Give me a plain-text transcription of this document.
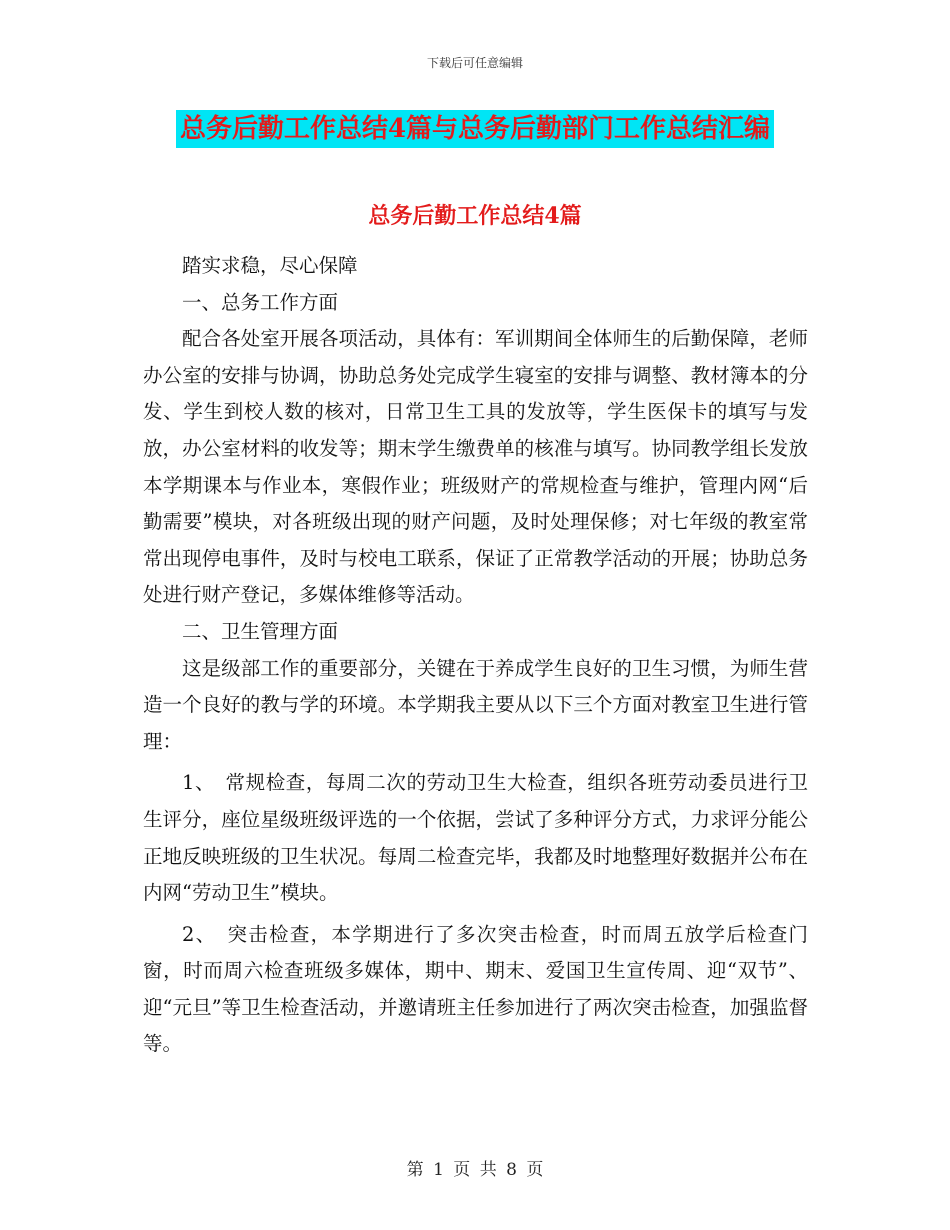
下载后可任意编辑
总务后勤工作总结4篇与总务后勤部门工作总结汇编
总务后勤工作总结4篇

踏实求稳，尽心保障

一、总务工作方面

配合各处室开展各项活动，具体有：军训期间全体师生的后勤保障，老师办公室的安排与协调，协助总务处完成学生寝室的安排与调整、教材簿本的分发、学生到校人数的核对，日常卫生工具的发放等，学生医保卡的填写与发放，办公室材料的收发等；期末学生缴费单的核准与填写。协同教学组长发放本学期课本与作业本，寒假作业；班级财产的常规检查与维护，管理内网“后勤需要”模块，对各班级出现的财产问题，及时处理保修；对七年级的教室常常出现停电事件，及时与校电工联系，保证了正常教学活动的开展；协助总务处进行财产登记，多媒体维修等活动。

二、卫生管理方面

这是级部工作的重要部分，关键在于养成学生良好的卫生习惯，为师生营造一个良好的教与学的环境。本学期我主要从以下三个方面对教室卫生进行管理：

1、　常规检查，每周二次的劳动卫生大检查，组织各班劳动委员进行卫生评分，座位星级班级评选的一个依据，尝试了多种评分方式，力求评分能公正地反映班级的卫生状况。每周二检查完毕，我都及时地整理好数据并公布在内网“劳动卫生”模块。

2、　突击检查，本学期进行了多次突击检查，时而周五放学后检查门窗，时而周六检查班级多媒体，期中、期末、爱国卫生宣传周、迎“双节”、迎“元旦”等卫生检查活动，并邀请班主任参加进行了两次突击检查，加强监督等。

第 1 页 共 8 页
